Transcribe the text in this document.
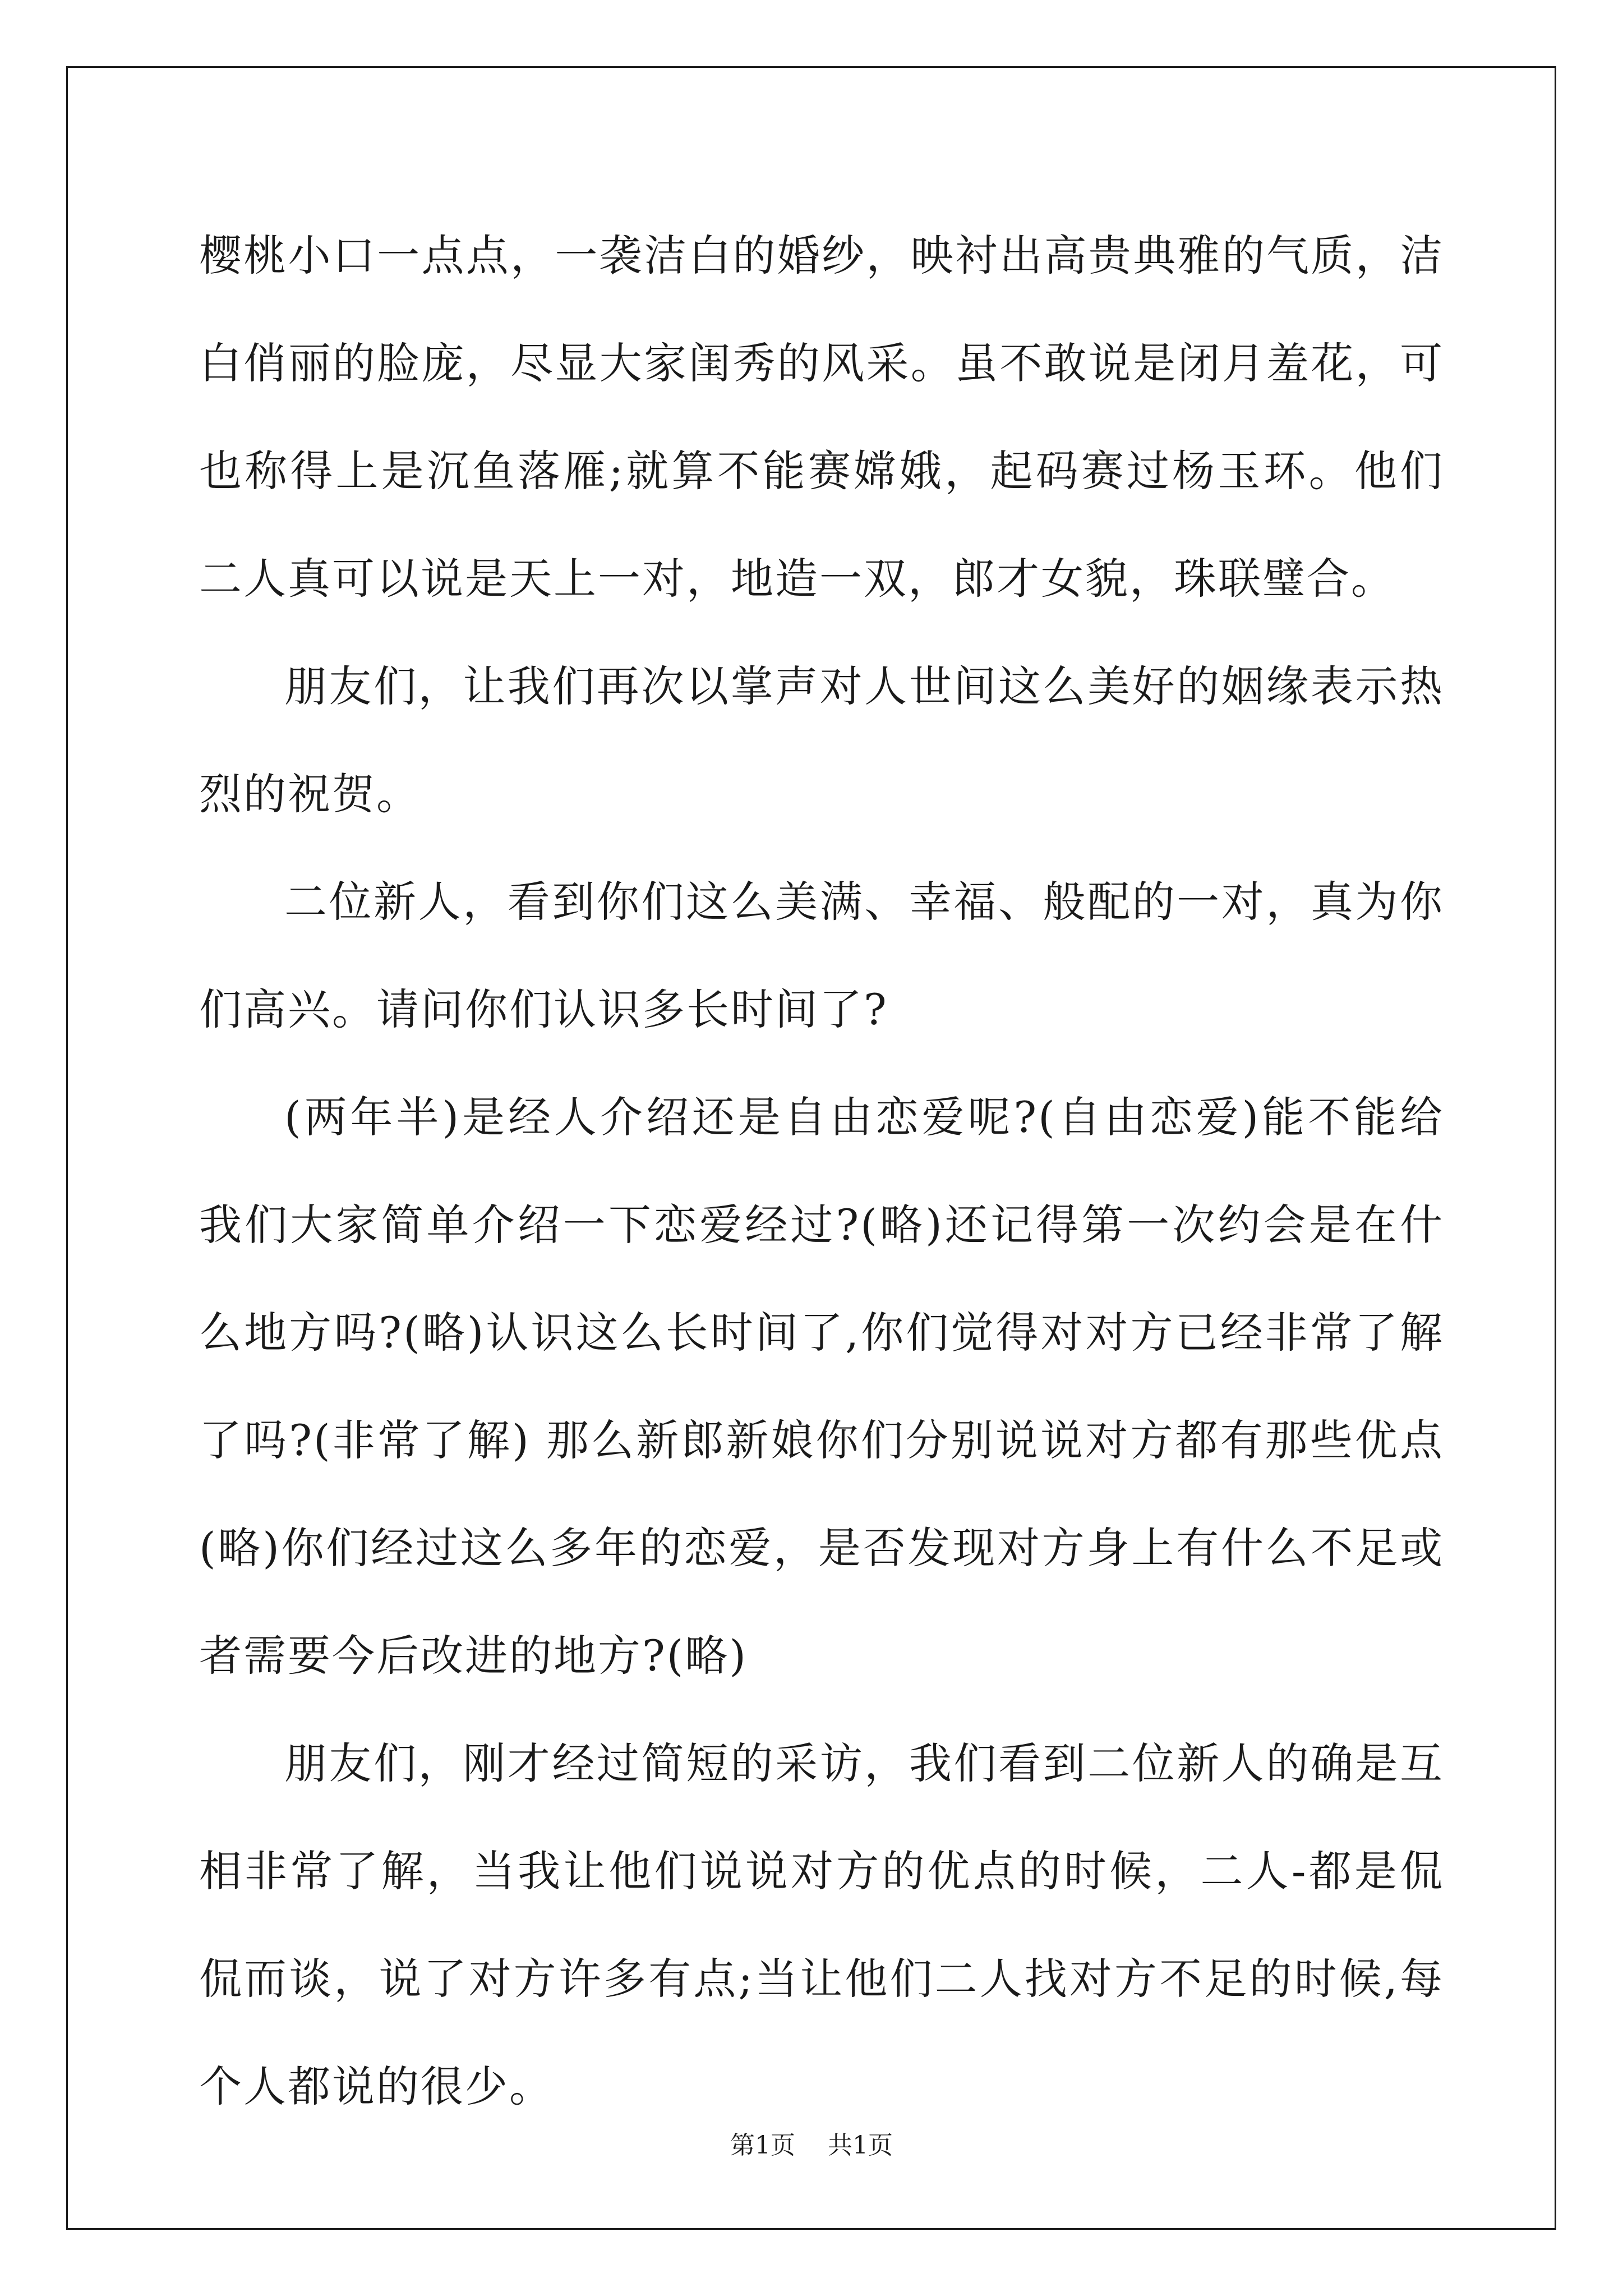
樱桃小口一点点，一袭洁白的婚纱，映衬出高贵典雅的气质，洁白俏丽的脸庞，尽显大家闺秀的风采。虽不敢说是闭月羞花，可也称得上是沉鱼落雁;就算不能赛嫦娥，起码赛过杨玉环。他们二人真可以说是天上一对，地造一双，郎才女貌，珠联璧合。

朋友们，让我们再次以掌声对人世间这么美好的姻缘表示热烈的祝贺。

二位新人，看到你们这么美满、幸福、般配的一对，真为你们高兴。请问你们认识多长时间了?

(两年半)是经人介绍还是自由恋爱呢?(自由恋爱)能不能给我们大家简单介绍一下恋爱经过?(略)还记得第一次约会是在什么地方吗?(略)认识这么长时间了,你们觉得对对方已经非常了解了吗?(非常了解) 那么新郎新娘你们分别说说对方都有那些优点(略)你们经过这么多年的恋爱，是否发现对方身上有什么不足或者需要今后改进的地方?(略)

朋友们，刚才经过简短的采访，我们看到二位新人的确是互相非常了解，当我让他们说说对方的优点的时候，二人-都是侃侃而谈，说了对方许多有点;当让他们二人找对方不足的时候,每个人都说的很少。

第1页 共1页
